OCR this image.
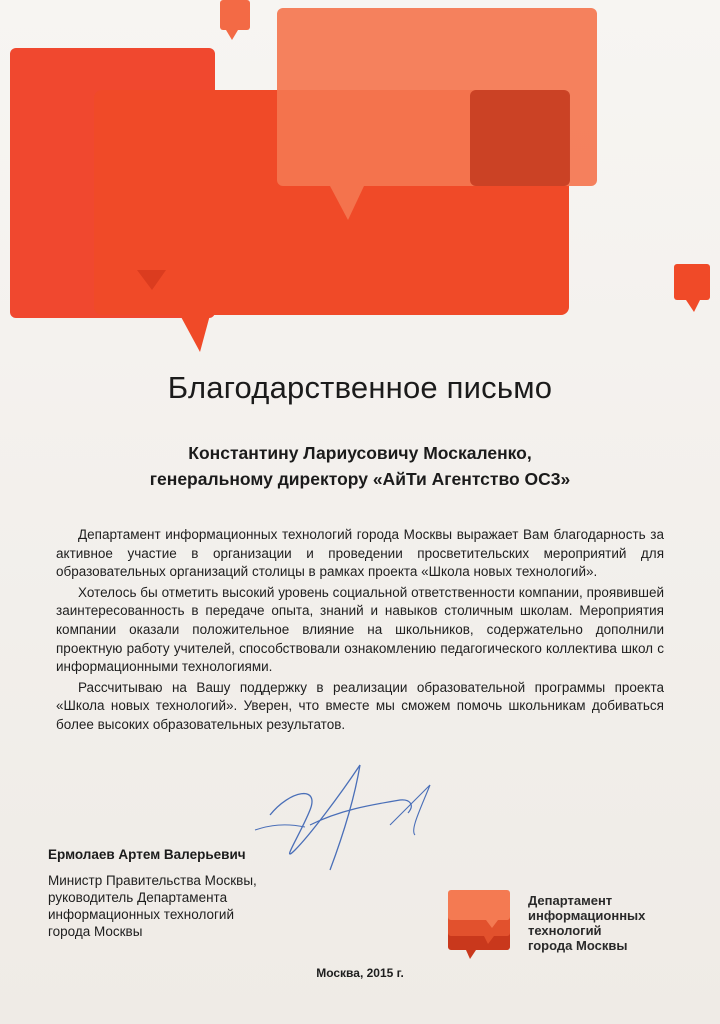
Благодарственное письмо
Константину Лариусовичу Москаленко,
генеральному директору «АйТи Агентство ОС3»

Департамент информационных технологий города Москвы выражает Вам благодарность за активное участие в организации и проведении просветительских мероприятий для образовательных организаций столицы в рамках проекта «Школа новых технологий».

Хотелось бы отметить высокий уровень социальной ответственности компании, проявившей заинтересованность в передаче опыта, знаний и навыков столичным школам. Мероприятия компании оказали положительное влияние на школьников, содержательно дополнили проектную работу учителей, способствовали ознакомлению педагогического коллектива школ с информационными технологиями.

Рассчитываю на Вашу поддержку в реализации образовательной программы проекта «Школа новых технологий». Уверен, что вместе мы сможем помочь школьникам добиваться более высоких образовательных результатов.

Ермолаев Артем Валерьевич
Министр Правительства Москвы,
руководитель Департамента
информационных технологий
города Москвы
Департамент
информационных
технологий
города Москвы
Москва, 2015 г.
